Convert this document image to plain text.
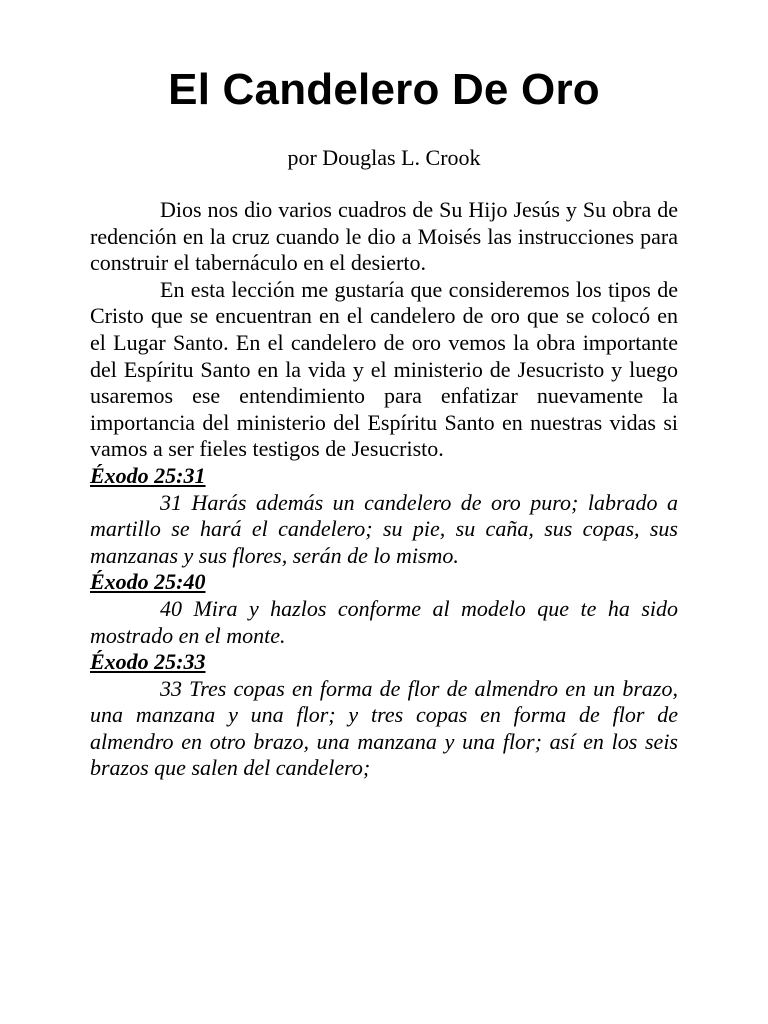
El Candelero De Oro

por Douglas L. Crook

Dios nos dio varios cuadros de Su Hijo Jesús y Su obra de redención en la cruz cuando le dio a Moisés las instrucciones para construir el tabernáculo en el desierto.

En esta lección me gustaría que consideremos los tipos de Cristo que se encuentran en el candelero de oro que se colocó en el Lugar Santo. En el candelero de oro vemos la obra importante del Espíritu Santo en la vida y el ministerio de Jesucristo y luego usaremos ese entendimiento para enfatizar nuevamente la importancia del ministerio del Espíritu Santo en nuestras vidas si vamos a ser fieles testigos de Jesucristo.

Éxodo 25:31

31 Harás además un candelero de oro puro; labrado a martillo se hará el candelero; su pie, su caña, sus copas, sus manzanas y sus flores, serán de lo mismo.

Éxodo 25:40

40 Mira y hazlos conforme al modelo que te ha sido mostrado en el monte.

Éxodo 25:33

33 Tres copas en forma de flor de almendro en un brazo, una manzana y una flor; y tres copas en forma de flor de almendro en otro brazo, una manzana y una flor; así en los seis brazos que salen del candelero;
